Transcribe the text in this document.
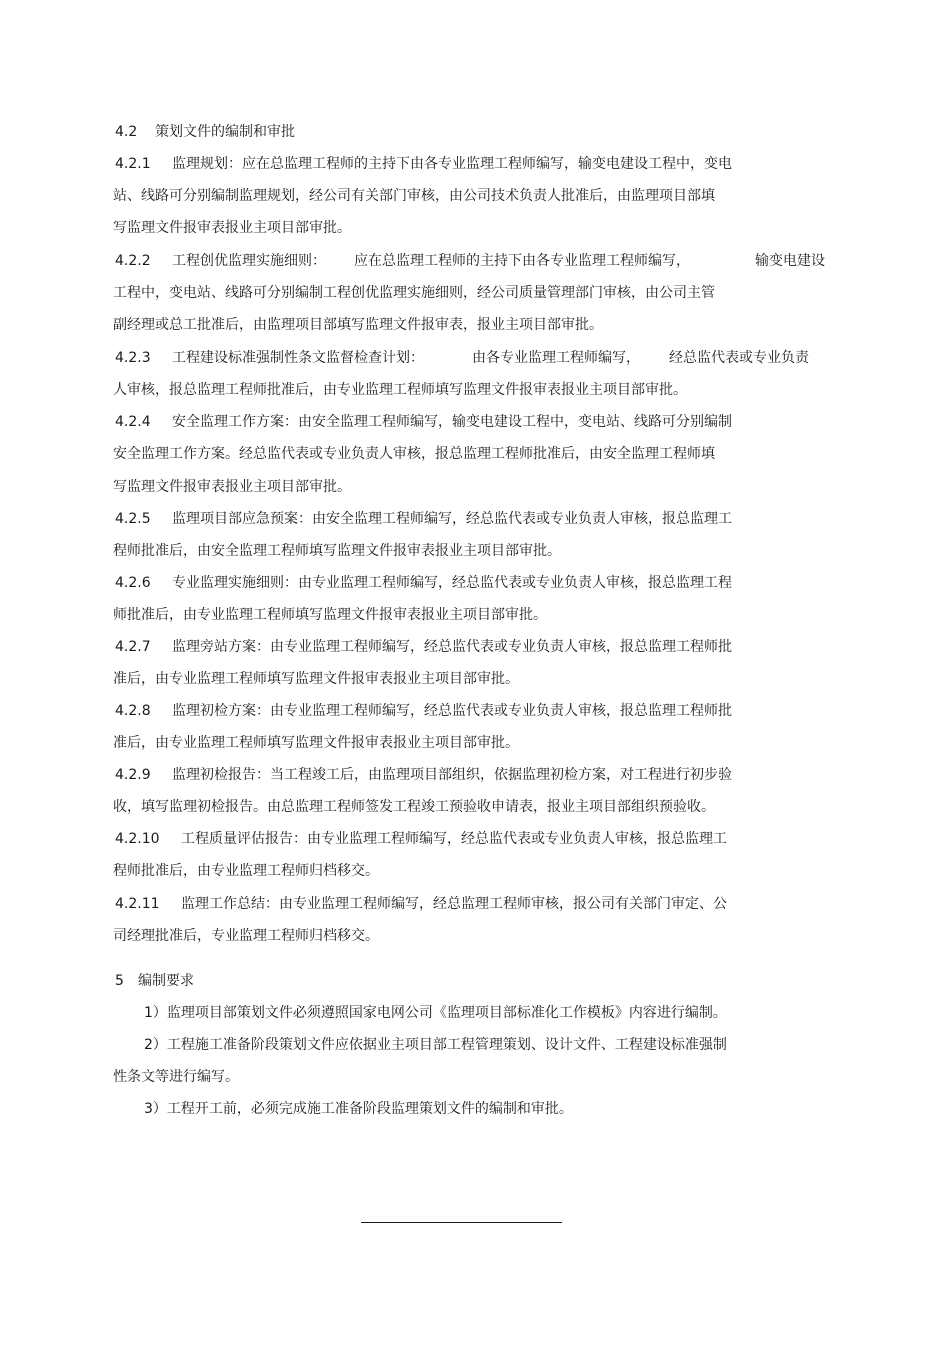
4.2 策划文件的编制和审批
4.2.1 监理规划：应在总监理工程师的主持下由各专业监理工程师编写，输变电建设工程中，变电
站、线路可分别编制监理规划，经公司有关部门审核，由公司技术负责人批准后，由监理项目部填
写监理文件报审表报业主项目部审批。
4.2.2 工程创优监理实施细则： 应在总监理工程师的主持下由各专业监理工程师编写，	输变电建设
工程中，变电站、线路可分别编制工程创优监理实施细则，经公司质量管理部门审核，由公司主管
副经理或总工批准后，由监理项目部填写监理文件报审表，报业主项目部审批。
4.2.3 工程建设标准强制性条文监督检查计划：	由各专业监理工程师编写， 经总监代表或专业负责
人审核，报总监理工程师批准后，由专业监理工程师填写监理文件报审表报业主项目部审批。
4.2.4 安全监理工作方案：由安全监理工程师编写，输变电建设工程中，变电站、线路可分别编制
安全监理工作方案。经总监代表或专业负责人审核，报总监理工程师批准后，由安全监理工程师填
写监理文件报审表报业主项目部审批。
4.2.5 监理项目部应急预案：由安全监理工程师编写，经总监代表或专业负责人审核，报总监理工
程师批准后，由安全监理工程师填写监理文件报审表报业主项目部审批。
4.2.6 专业监理实施细则：由专业监理工程师编写，经总监代表或专业负责人审核，报总监理工程
师批准后，由专业监理工程师填写监理文件报审表报业主项目部审批。
4.2.7 监理旁站方案：由专业监理工程师编写，经总监代表或专业负责人审核，报总监理工程师批
准后，由专业监理工程师填写监理文件报审表报业主项目部审批。
4.2.8 监理初检方案：由专业监理工程师编写，经总监代表或专业负责人审核，报总监理工程师批
准后，由专业监理工程师填写监理文件报审表报业主项目部审批。
4.2.9 监理初检报告：当工程竣工后，由监理项目部组织，依据监理初检方案，对工程进行初步验
收，填写监理初检报告。由总监理工程师签发工程竣工预验收申请表，报业主项目部组织预验收。
4.2.10 工程质量评估报告：由专业监理工程师编写，经总监代表或专业负责人审核，报总监理工
程师批准后，由专业监理工程师归档移交。
4.2.11 监理工作总结：由专业监理工程师编写，经总监理工程师审核，报公司有关部门审定、公
司经理批准后，专业监理工程师归档移交。
5 编制要求
1）监理项目部策划文件必须遵照国家电网公司《监理项目部标准化工作模板》内容进行编制。
2）工程施工准备阶段策划文件应依据业主项目部工程管理策划、设计文件、工程建设标准强制
性条文等进行编写。
3）工程开工前，必须完成施工准备阶段监理策划文件的编制和审批。
